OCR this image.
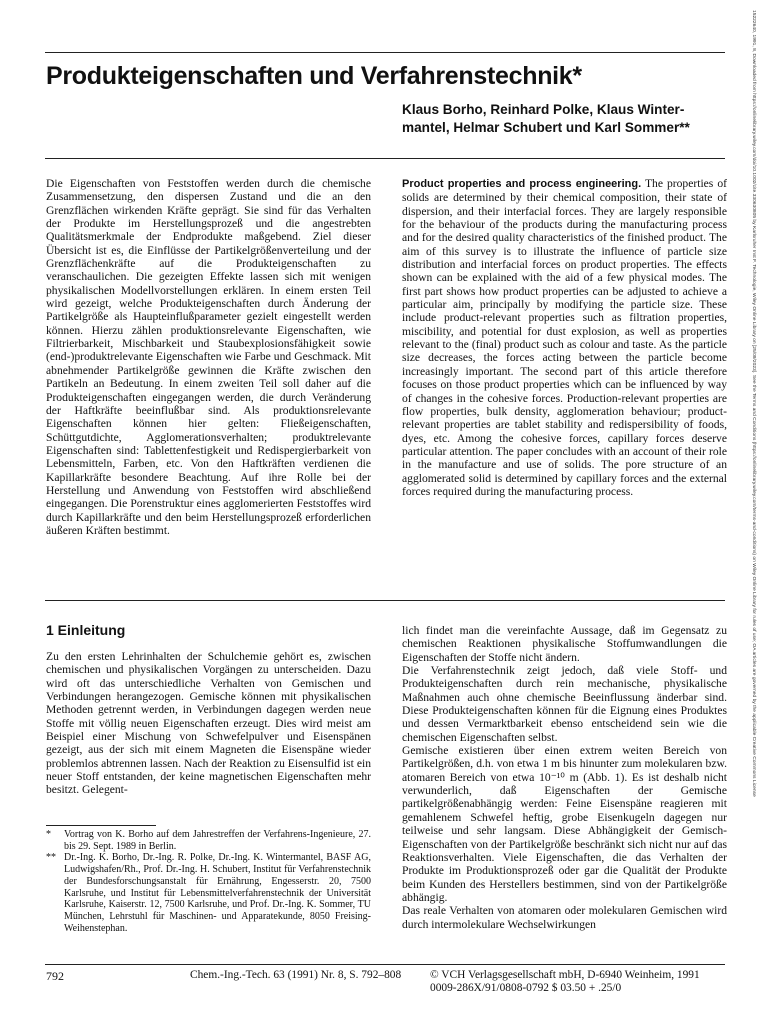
Produkteigenschaften und Verfahrenstechnik*
Klaus Borho, Reinhard Polke, Klaus Winter-
mantel, Helmar Schubert und Karl Sommer**
Die Eigenschaften von Feststoffen werden durch die chemische Zusammensetzung, den dispersen Zustand und die an den Grenzflächen wirkenden Kräfte geprägt. Sie sind für das Verhalten der Produkte im Herstellungsprozeß und die angestrebten Qualitätsmerkmale der Endprodukte maßgebend. Ziel dieser Übersicht ist es, die Einflüsse der Partikelgrößenverteilung und der Grenzflächenkräfte auf die Produkteigenschaften zu veranschaulichen. Die gezeigten Effekte lassen sich mit wenigen physikalischen Modellvorstellungen erklären. In einem ersten Teil wird gezeigt, welche Produkteigenschaften durch Änderung der Partikelgröße als Haupteinflußparameter gezielt eingestellt werden können. Hierzu zählen produktionsrelevante Eigenschaften, wie Filtrierbarkeit, Mischbarkeit und Staubexplosionsfähigkeit sowie (end-)produktrelevante Eigenschaften wie Farbe und Geschmack. Mit abnehmender Partikelgröße gewinnen die Kräfte zwischen den Partikeln an Bedeutung. In einem zweiten Teil soll daher auf die Produkteigenschaften eingegangen werden, die durch Veränderung der Haftkräfte beeinflußbar sind. Als produktionsrelevante Eigenschaften können hier gelten: Fließeigenschaften, Schüttgutdichte, Agglomerationsverhalten; produktrelevante Eigenschaften sind: Tablettenfestigkeit und Redispergierbarkeit von Lebensmitteln, Farben, etc. Von den Haftkräften verdienen die Kapillarkräfte besondere Beachtung. Auf ihre Rolle bei der Herstellung und Anwendung von Feststoffen wird abschließend eingegangen. Die Porenstruktur eines agglomerierten Feststoffes wird durch Kapillarkräfte und den beim Herstellungsprozeß erforderlichen äußeren Kräften bestimmt.
Product properties and process engineering. The properties of solids are determined by their chemical composition, their state of dispersion, and their interfacial forces. They are largely responsible for the behaviour of the products during the manufacturing process and for the desired quality characteristics of the finished product. The aim of this survey is to illustrate the influence of particle size distribution and interfacial forces on product properties. The effects shown can be explained with the aid of a few physical modes. The first part shows how product properties can be adjusted to achieve a particular aim, principally by modifying the particle size. These include product-relevant properties such as filtration properties, miscibility, and potential for dust explosion, as well as properties relevant to the (final) product such as colour and taste. As the particle size decreases, the forces acting between the particle become increasingly important. The second part of this article therefore focuses on those product properties which can be influenced by way of changes in the cohesive forces. Production-relevant properties are flow properties, bulk density, agglomeration behaviour; product-relevant properties are tablet stability and redispersibility of foods, dyes, etc. Among the cohesive forces, capillary forces deserve particular attention. The paper concludes with an account of their role in the manufacture and use of solids. The pore structure of an agglomerated solid is determined by capillary forces and the external forces required during the manufacturing process.
1 Einleitung
Zu den ersten Lehrinhalten der Schulchemie gehört es, zwischen chemischen und physikalischen Vorgängen zu unterscheiden. Dazu wird oft das unterschiedliche Verhalten von Gemischen und Verbindungen herangezogen. Gemische können mit physikalischen Methoden getrennt werden, in Verbindungen dagegen werden neue Stoffe mit völlig neuen Eigenschaften erzeugt. Dies wird meist am Beispiel einer Mischung von Schwefelpulver und Eisenspänen gezeigt, aus der sich mit einem Magneten die Eisenspäne wieder problemlos abtrennen lassen. Nach der Reaktion zu Eisensulfid ist ein neuer Stoff entstanden, der keine magnetischen Eigenschaften mehr besitzt. Gelegent-

lich findet man die vereinfachte Aussage, daß im Gegensatz zu chemischen Reaktionen physikalische Stoffumwandlungen die Eigenschaften der Stoffe nicht ändern.

Die Verfahrenstechnik zeigt jedoch, daß viele Stoff- und Produkteigenschaften durch rein mechanische, physikalische Maßnahmen auch ohne chemische Beeinflussung änderbar sind. Diese Produkteigenschaften können für die Eignung eines Produktes und dessen Vermarktbarkeit ebenso entscheidend sein wie die chemischen Eigenschaften selbst.

Gemische existieren über einen extrem weiten Bereich von Partikelgrößen, d.h. von etwa 1 m bis hinunter zum molekularen bzw. atomaren Bereich von etwa 10⁻¹⁰ m (Abb. 1). Es ist deshalb nicht verwunderlich, daß Eigenschaften der Gemische partikelgrößenabhängig werden: Feine Eisenspäne reagieren mit gemahlenem Schwefel heftig, grobe Eisenkugeln dagegen nur teilweise und sehr langsam. Diese Abhängigkeit der Gemisch-Eigenschaften von der Partikelgröße beschränkt sich nicht nur auf das Reaktionsverhalten. Viele Eigenschaften, die das Verhalten der Produkte im Produktionsprozeß oder gar die Qualität der Produkte beim Kunden des Herstellers bestimmen, sind von der Partikelgröße abhängig.

Das reale Verhalten von atomaren oder molekularen Gemischen wird durch intermolekulare Wechselwirkungen

*	Vortrag von K. Borho auf dem Jahrestreffen der Verfahrens-Ingenieure, 27. bis 29. Sept. 1989 in Berlin.
** Dr.-Ing. K. Borho, Dr.-Ing. R. Polke, Dr.-Ing. K. Wintermantel, BASF AG, Ludwigshafen/Rh., Prof. Dr.-Ing. H. Schubert, Institut für Verfahrenstechnik der Bundesforschungsanstalt für Ernährung, Engesserstr. 20, 7500 Karlsruhe, und Institut für Lebensmittelverfahrenstechnik der Universität Karlsruhe, Kaiserstr. 12, 7500 Karlsruhe, und Prof. Dr.-Ing. K. Sommer, TU München, Lehrstuhl für Maschinen- und Apparatekunde, 8050 Freising-Weihenstephan.
792	Chem.-Ing.-Tech. 63 (1991) Nr. 8, S. 792–808	© VCH Verlagsgesellschaft mbH, D-6940 Weinheim, 1991
0009-286X/91/0808-0792 $ 03.50 + .25/0
15222640, 1991, 8, Downloaded from https://onlinelibrary.wiley.com/doi/10.1002/cite.330630805 by Karlsruher Inst F. Technologie, Wiley Online Library on [25/09/2023]. See the Terms and Conditions (https://onlinelibrary.wiley.com/terms-and-conditions) on Wiley Online Library for rules of use; OA articles are governed by the applicable Creative Commons License
